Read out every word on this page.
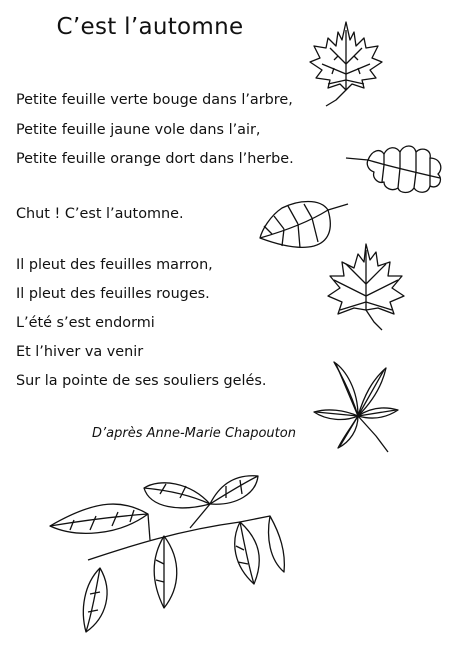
C’est l’automne
Petite feuille verte bouge dans l’arbre,
Petite feuille jaune vole dans l’air,
Petite feuille orange dort dans l’herbe.
Chut ! C’est l’automne.
Il pleut des feuilles marron,
Il pleut des feuilles rouges.
L’été s’est endormi
Et l’hiver va venir
Sur la pointe de ses souliers gelés.
D’après Anne-Marie Chapouton
